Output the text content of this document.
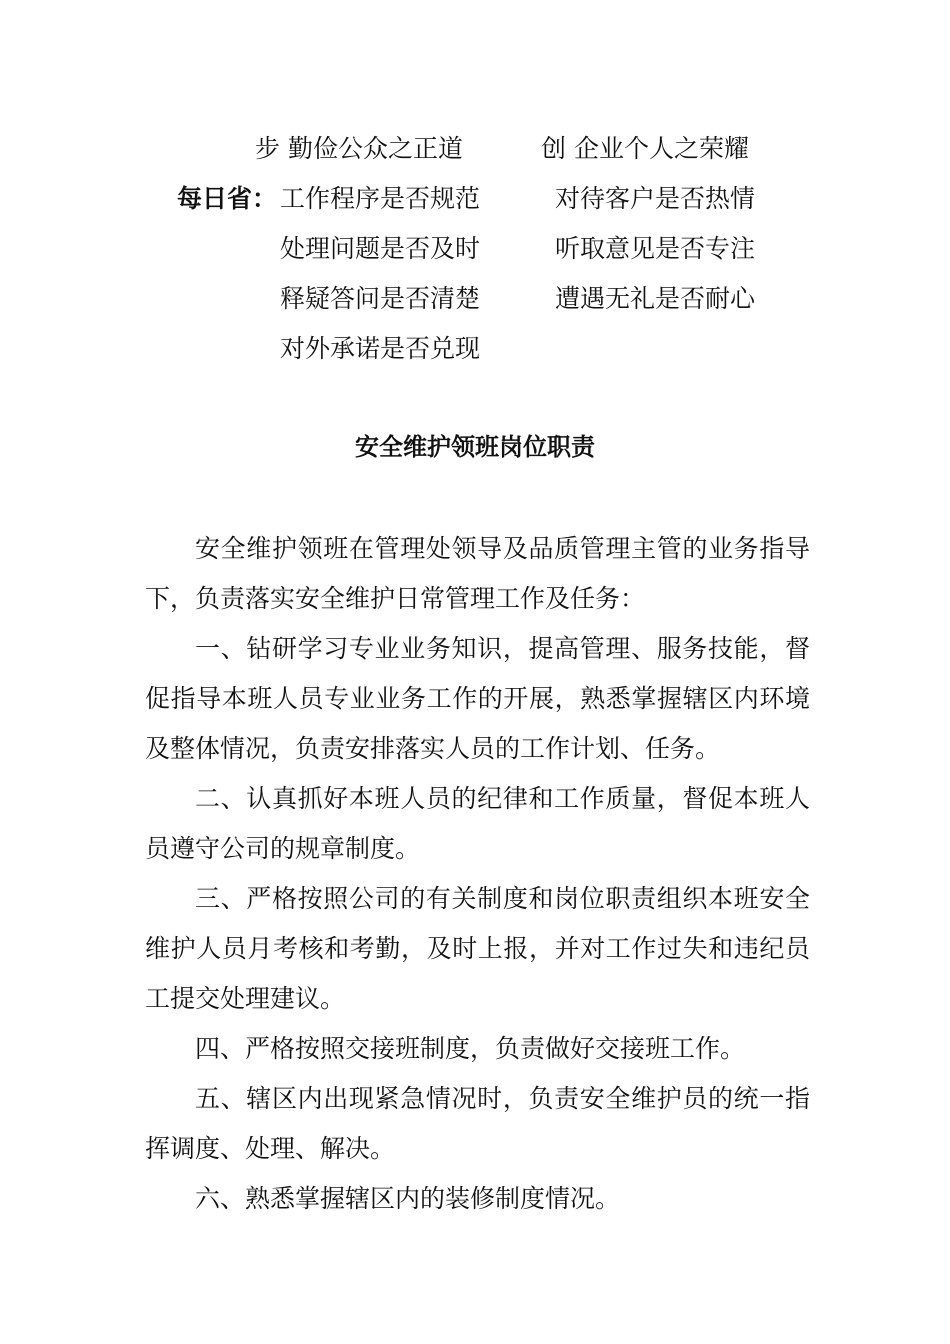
步 勤俭公众之正道	创 企业个人之荣耀
每日省： 工作程序是否规范	对待客户是否热情
处理问题是否及时	听取意见是否专注
释疑答问是否清楚	遭遇无礼是否耐心
对外承诺是否兑现
安全维护领班岗位职责

安全维护领班在管理处领导及品质管理主管的业务指导下，负责落实安全维护日常管理工作及任务：

一、钻研学习专业业务知识，提高管理、服务技能，督促指导本班人员专业业务工作的开展，熟悉掌握辖区内环境及整体情况，负责安排落实人员的工作计划、任务。

二、认真抓好本班人员的纪律和工作质量，督促本班人员遵守公司的规章制度。

三、严格按照公司的有关制度和岗位职责组织本班安全维护人员月考核和考勤，及时上报，并对工作过失和违纪员工提交处理建议。

四、严格按照交接班制度，负责做好交接班工作。

五、辖区内出现紧急情况时，负责安全维护员的统一指挥调度、处理、解决。

六、熟悉掌握辖区内的装修制度情况。
